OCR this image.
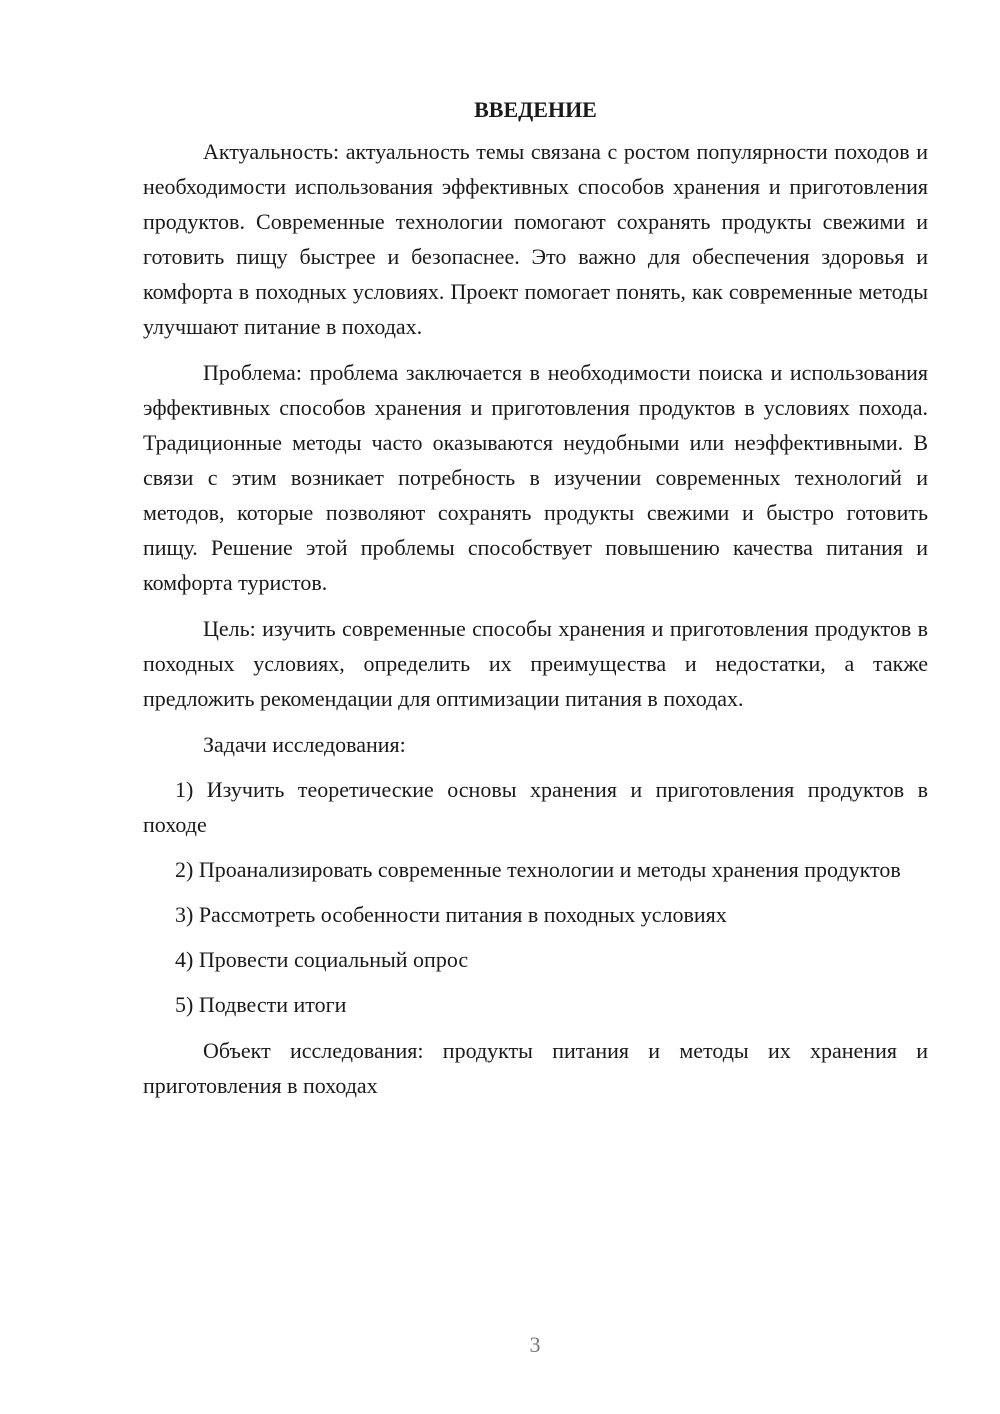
ВВЕДЕНИЕ

Актуальность: актуальность темы связана с ростом популярности походов и необходимости использования эффективных способов хранения и приготовления продуктов. Современные технологии помогают сохранять продукты свежими и готовить пищу быстрее и безопаснее. Это важно для обеспечения здоровья и комфорта в походных условиях. Проект помогает понять, как современные методы улучшают питание в походах.

Проблема: проблема заключается в необходимости поиска и использования эффективных способов хранения и приготовления продуктов в условиях похода. Традиционные методы часто оказываются неудобными или неэффективными. В связи с этим возникает потребность в изучении современных технологий и методов, которые позволяют сохранять продукты свежими и быстро готовить пищу. Решение этой проблемы способствует повышению качества питания и комфорта туристов.

Цель: изучить современные способы хранения и приготовления продуктов в походных условиях, определить их преимущества и недостатки, а также предложить рекомендации для оптимизации питания в походах.

Задачи исследования:

1) Изучить теоретические основы хранения и приготовления продуктов в походе

2) Проанализировать современные технологии и методы хранения продуктов

3) Рассмотреть особенности питания в походных условиях

4) Провести социальный опрос

5) Подвести итоги

Объект исследования: продукты питания и методы их хранения и приготовления в походах

3
